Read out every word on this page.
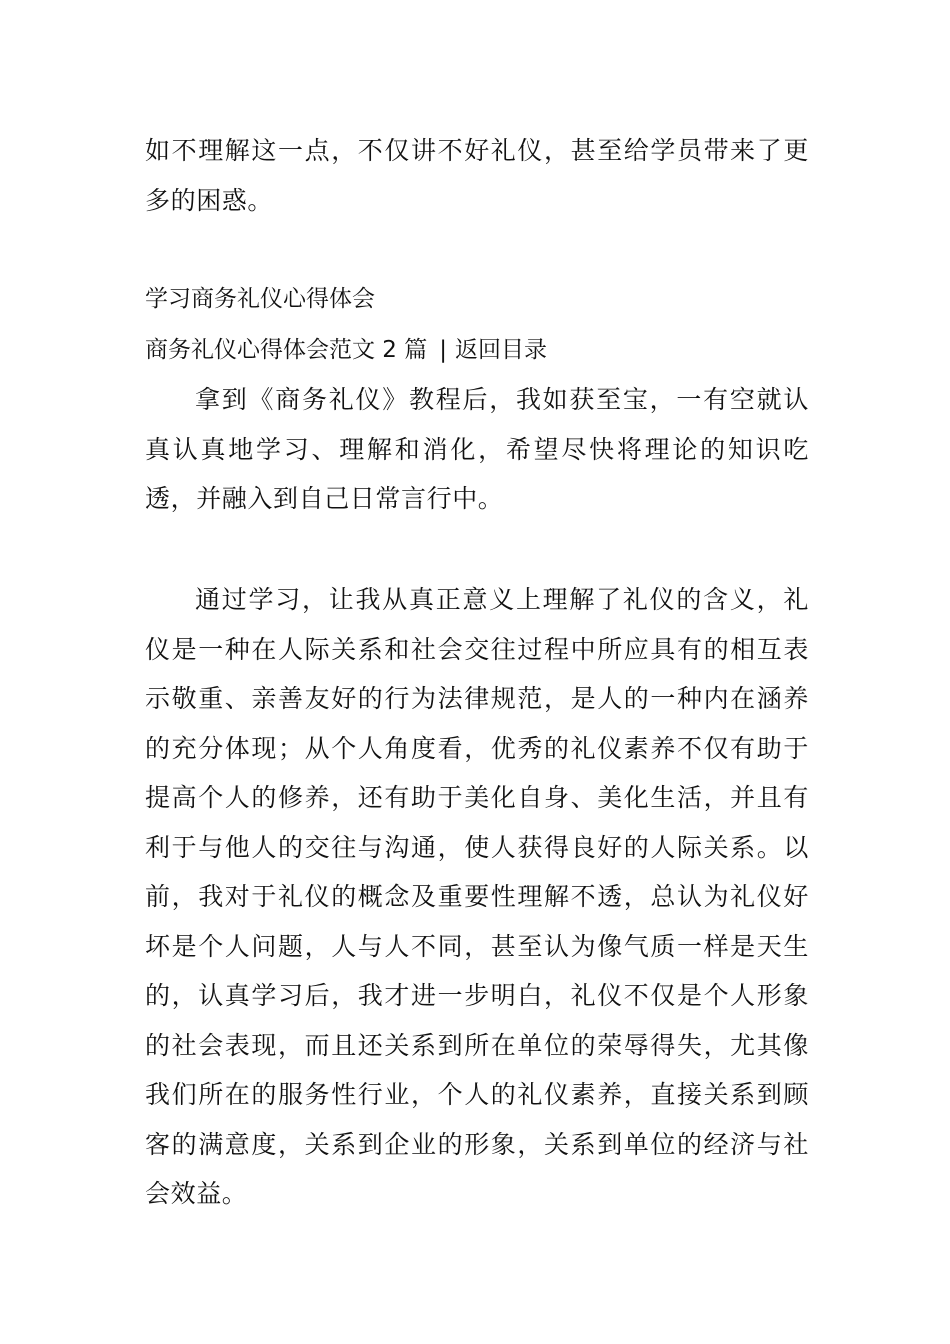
如不理解这一点，不仅讲不好礼仪，甚至给学员带来了更多的困惑。

学习商务礼仪心得体会
商务礼仪心得体会范文 2 篇 | 返回目录

拿到《商务礼仪》教程后，我如获至宝，一有空就认真认真地学习、理解和消化，希望尽快将理论的知识吃透，并融入到自己日常言行中。

通过学习，让我从真正意义上理解了礼仪的含义，礼仪是一种在人际关系和社会交往过程中所应具有的相互表示敬重、亲善友好的行为法律规范，是人的一种内在涵养的充分体现；从个人角度看，优秀的礼仪素养不仅有助于提高个人的修养，还有助于美化自身、美化生活，并且有利于与他人的交往与沟通，使人获得良好的人际关系。以前，我对于礼仪的概念及重要性理解不透，总认为礼仪好坏是个人问题，人与人不同，甚至认为像气质一样是天生的，认真学习后，我才进一步明白，礼仪不仅是个人形象的社会表现，而且还关系到所在单位的荣辱得失，尤其像我们所在的服务性行业，个人的礼仪素养，直接关系到顾客的满意度，关系到企业的形象，关系到单位的经济与社会效益。
